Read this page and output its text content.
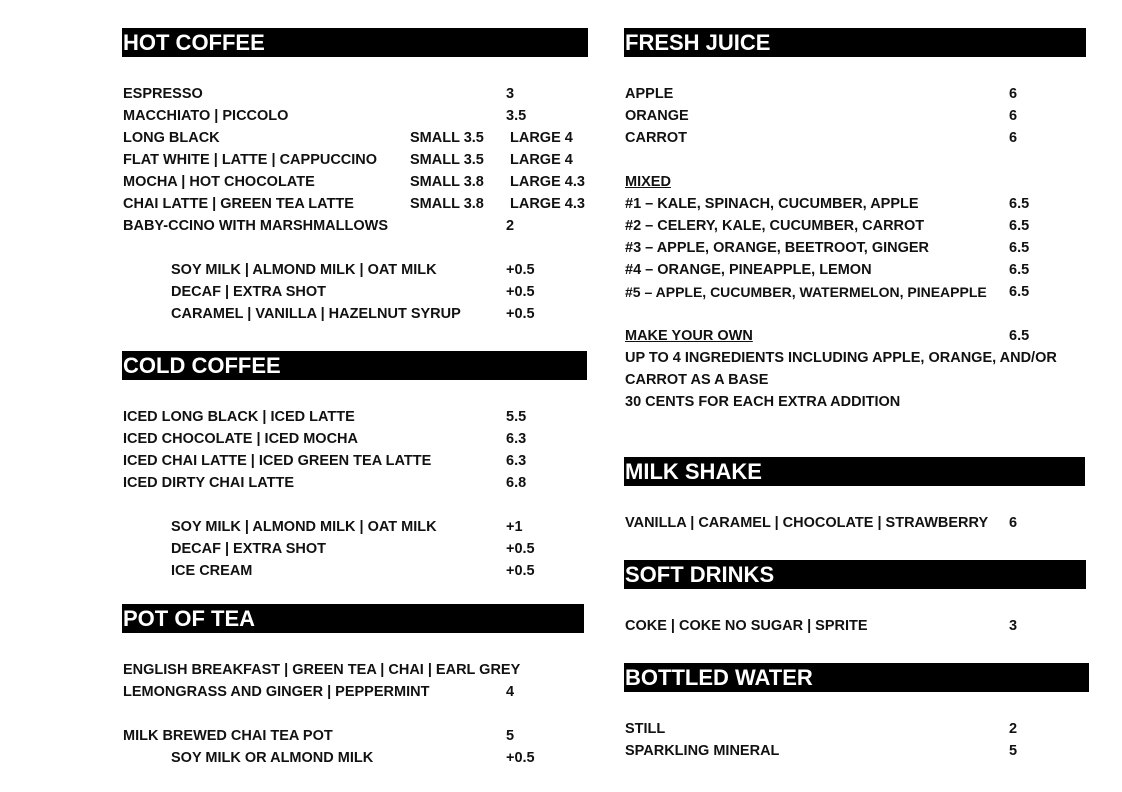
HOT COFFEE
ESPRESSO	3
MACCHIATO | PICCOLO	3.5
LONG BLACK	SMALL 3.5 LARGE 4
FLAT WHITE | LATTE | CAPPUCCINO SMALL 3.5 LARGE 4
MOCHA | HOT CHOCOLATE	SMALL 3.8 LARGE 4.3
CHAI LATTE | GREEN TEA LATTE	SMALL 3.8 LARGE 4.3
BABY-CCINO WITH MARSHMALLOWS	2
SOY MILK | ALMOND MILK | OAT MILK	+0.5
DECAF | EXTRA SHOT	+0.5
CARAMEL | VANILLA | HAZELNUT SYRUP	+0.5
COLD COFFEE
ICED LONG BLACK | ICED LATTE	5.5
ICED CHOCOLATE | ICED MOCHA	6.3
ICED CHAI LATTE | ICED GREEN TEA LATTE	6.3
ICED DIRTY CHAI LATTE	6.8
SOY MILK | ALMOND MILK | OAT MILK	+1
DECAF | EXTRA SHOT	+0.5
ICE CREAM	+0.5
POT OF TEA
ENGLISH BREAKFAST | GREEN TEA | CHAI | EARL GREY
LEMONGRASS AND GINGER | PEPPERMINT	4
MILK BREWED CHAI TEA POT	5
SOY MILK OR ALMOND MILK	+0.5
FRESH JUICE
APPLE	6
ORANGE	6
CARROT	6
MIXED
#1 – KALE, SPINACH, CUCUMBER, APPLE	6.5
#2 – CELERY, KALE, CUCUMBER, CARROT	6.5
#3 – APPLE, ORANGE, BEETROOT, GINGER	6.5
#4 – ORANGE, PINEAPPLE, LEMON	6.5
#5 – APPLE, CUCUMBER, WATERMELON, PINEAPPLE 6.5
MAKE YOUR OWN	6.5
UP TO 4 INGREDIENTS INCLUDING APPLE, ORANGE, AND/OR
CARROT AS A BASE
30 CENTS FOR EACH EXTRA ADDITION
MILK SHAKE
VANILLA | CARAMEL | CHOCOLATE | STRAWBERRY 6
SOFT DRINKS
COKE | COKE NO SUGAR | SPRITE	3
BOTTLED WATER
STILL	2
SPARKLING MINERAL	5
